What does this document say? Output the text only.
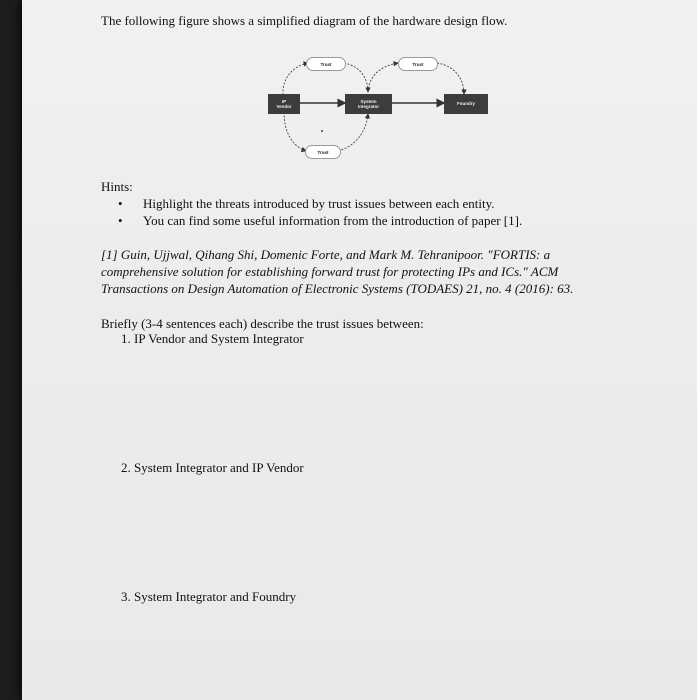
The following figure shows a simplified diagram of the hardware design flow.
IP
Vendor
System
Integrator
Foundry
Trust	Trust
Trust
Hints:
• Highlight the threats introduced by trust issues between each entity.
• You can find some useful information from the introduction of paper [1].
[1] Guin, Ujjwal, Qihang Shi, Domenic Forte, and Mark M. Tehranipoor. "FORTIS: a
comprehensive solution for establishing forward trust for protecting IPs and ICs." ACM
Transactions on Design Automation of Electronic Systems (TODAES) 21, no. 4 (2016): 63.
Briefly (3-4 sentences each) describe the trust issues between:
1. IP Vendor and System Integrator
2. System Integrator and IP Vendor
3. System Integrator and Foundry
